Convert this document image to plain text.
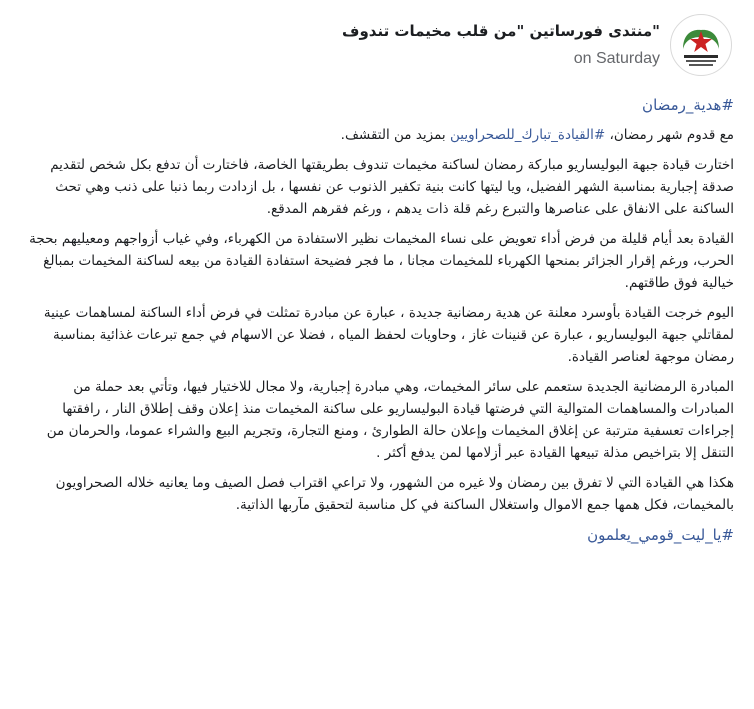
"منتدى فورساتين "من قلب مخيمات تندوف
on Saturday

#هدية_رمضان

مع قدوم شهر رمضان، #القيادة_تبارك_للصحراويين بمزيد من التقشف.

اختارت قيادة جبهة البوليساريو مباركة رمضان لساكنة مخيمات تندوف بطريقتها الخاصة، فاختارت أن تدفع بكل شخص لتقديم صدقة إجبارية بمناسبة الشهر الفضيل، ويا ليتها كانت بنية تكفير الذنوب عن نفسها ، بل ازدادت ربما ذنبا على ذنب وهي تحث الساكنة على الانفاق على عناصرها والتبرع رغم قلة ذات يدهم ، ورغم فقرهم المدقع.

القيادة بعد أيام قليلة من فرض أداء تعويض على نساء المخيمات نظير الاستفادة من الكهرباء، وفي غياب أزواجهم ومعيليهم بحجة الحرب، ورغم إقرار الجزائر بمنحها الكهرباء للمخيمات مجانا ، ما فجر فضيحة استفادة القيادة من بيعه لساكنة المخيمات بمبالغ خيالية فوق طاقتهم.

اليوم خرجت القيادة بأوسرد معلنة عن هدية رمضانية جديدة ، عبارة عن مبادرة تمثلت في فرض أداء الساكنة لمساهمات عينية لمقاتلي جبهة البوليساريو ، عبارة عن قنينات غاز ، وحاويات لحفظ المياه ، فضلا عن الاسهام في جمع تبرعات غذائية بمناسبة رمضان موجهة لعناصر القيادة.

المبادرة الرمضانية الجديدة ستعمم على سائر المخيمات، وهي مبادرة إجبارية، ولا مجال للاختيار فيها، وتأتي بعد حملة من المبادرات والمساهمات المتوالية التي فرضتها قيادة البوليساريو على ساكنة المخيمات منذ إعلان وقف إطلاق النار ، رافقتها إجراءات تعسفية مترتبة عن إغلاق المخيمات وإعلان حالة الطوارئ ، ومنع التجارة، وتجريم البيع والشراء عموما، والحرمان من التنقل إلا بتراخيص مذلة تبيعها القيادة عبر أزلامها لمن يدفع أكثر .

هكذا هي القيادة التي لا تفرق بين رمضان ولا غيره من الشهور، ولا تراعي اقتراب فصل الصيف وما يعانيه خلاله الصحراويون بالمخيمات، فكل همها جمع الاموال واستغلال الساكنة في كل مناسبة لتحقيق مآربها الذاتية.

#يا_ليت_قومي_يعلمون
